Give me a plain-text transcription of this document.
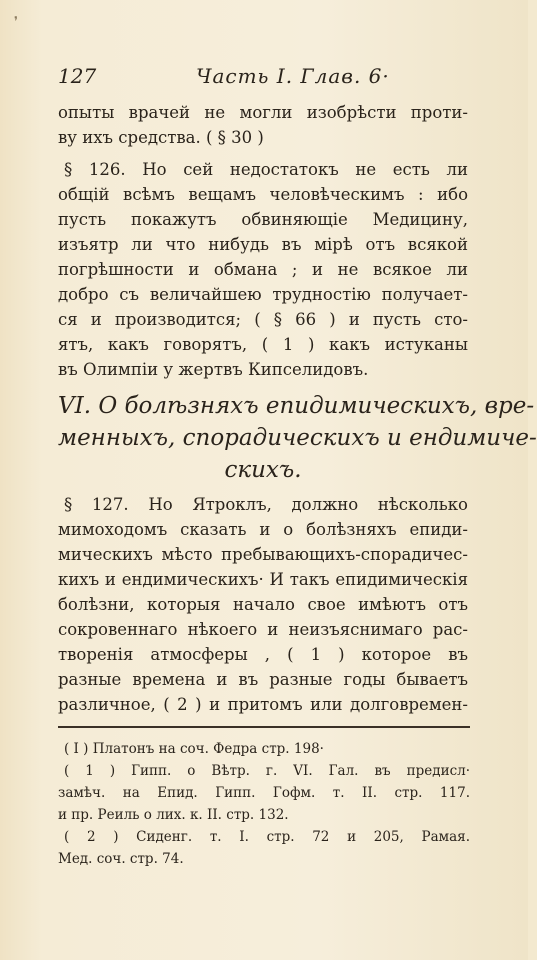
❜
127	Часть I. Глав. 6·
опыты врачей не могли изобрѣсти проти-
ву ихъ средства. ( § 30 )
§ 126. Но сей недостатокъ не есть ли
общiй всѣмъ вещамъ человѣческимъ : ибо
пусть покажутъ обвиняющiе Медицину,
изъятp ли что нибудь въ мiрѣ отъ всякой
погрѣшности и обмана ; и не всякое ли
добро съ величайшею трудностiю получает-
ся и производится; ( § 66 ) и пусть сто-
ятъ, какъ говорятъ, ( 1 ) какъ истуканы
въ Олимпiи у жертвъ Кипселидовъ.
VI. О болѣзняхъ епидимическихъ, вре-
менныхъ, спорадическихъ и ендимиче-
скихъ.
§ 127. Но Ятроклъ, должно нѣсколько
мимоходомъ сказать и о болѣзняхъ епиди-
мическихъ мѣсто пребывающихъ-спорадичес-
кихъ и ендимическихъ· И такъ епидимическiя
болѣзни, которыя начало свое имѣютъ отъ
сокровеннаго нѣкоего и неизъяснимаго рас-
творенiя атмосферы , ( 1 ) которое въ
разные времена и въ разные годы бываетъ
различное, ( 2 ) и притомъ или долговремен-
( I ) Платонъ на соч. Федра стр. 198·
( 1 ) Гипп. о Вѣтр. г. VI. Гал. въ предисл·
замѣч. на Епид. Гипп. Гофм. т. II. стр. 117.
и пр. Реиль о лих. к. II. стр. 132.
( 2 ) Сиденг. т. I. стр. 72 и 205, Рамая.
Мед. соч. стр. 74.
